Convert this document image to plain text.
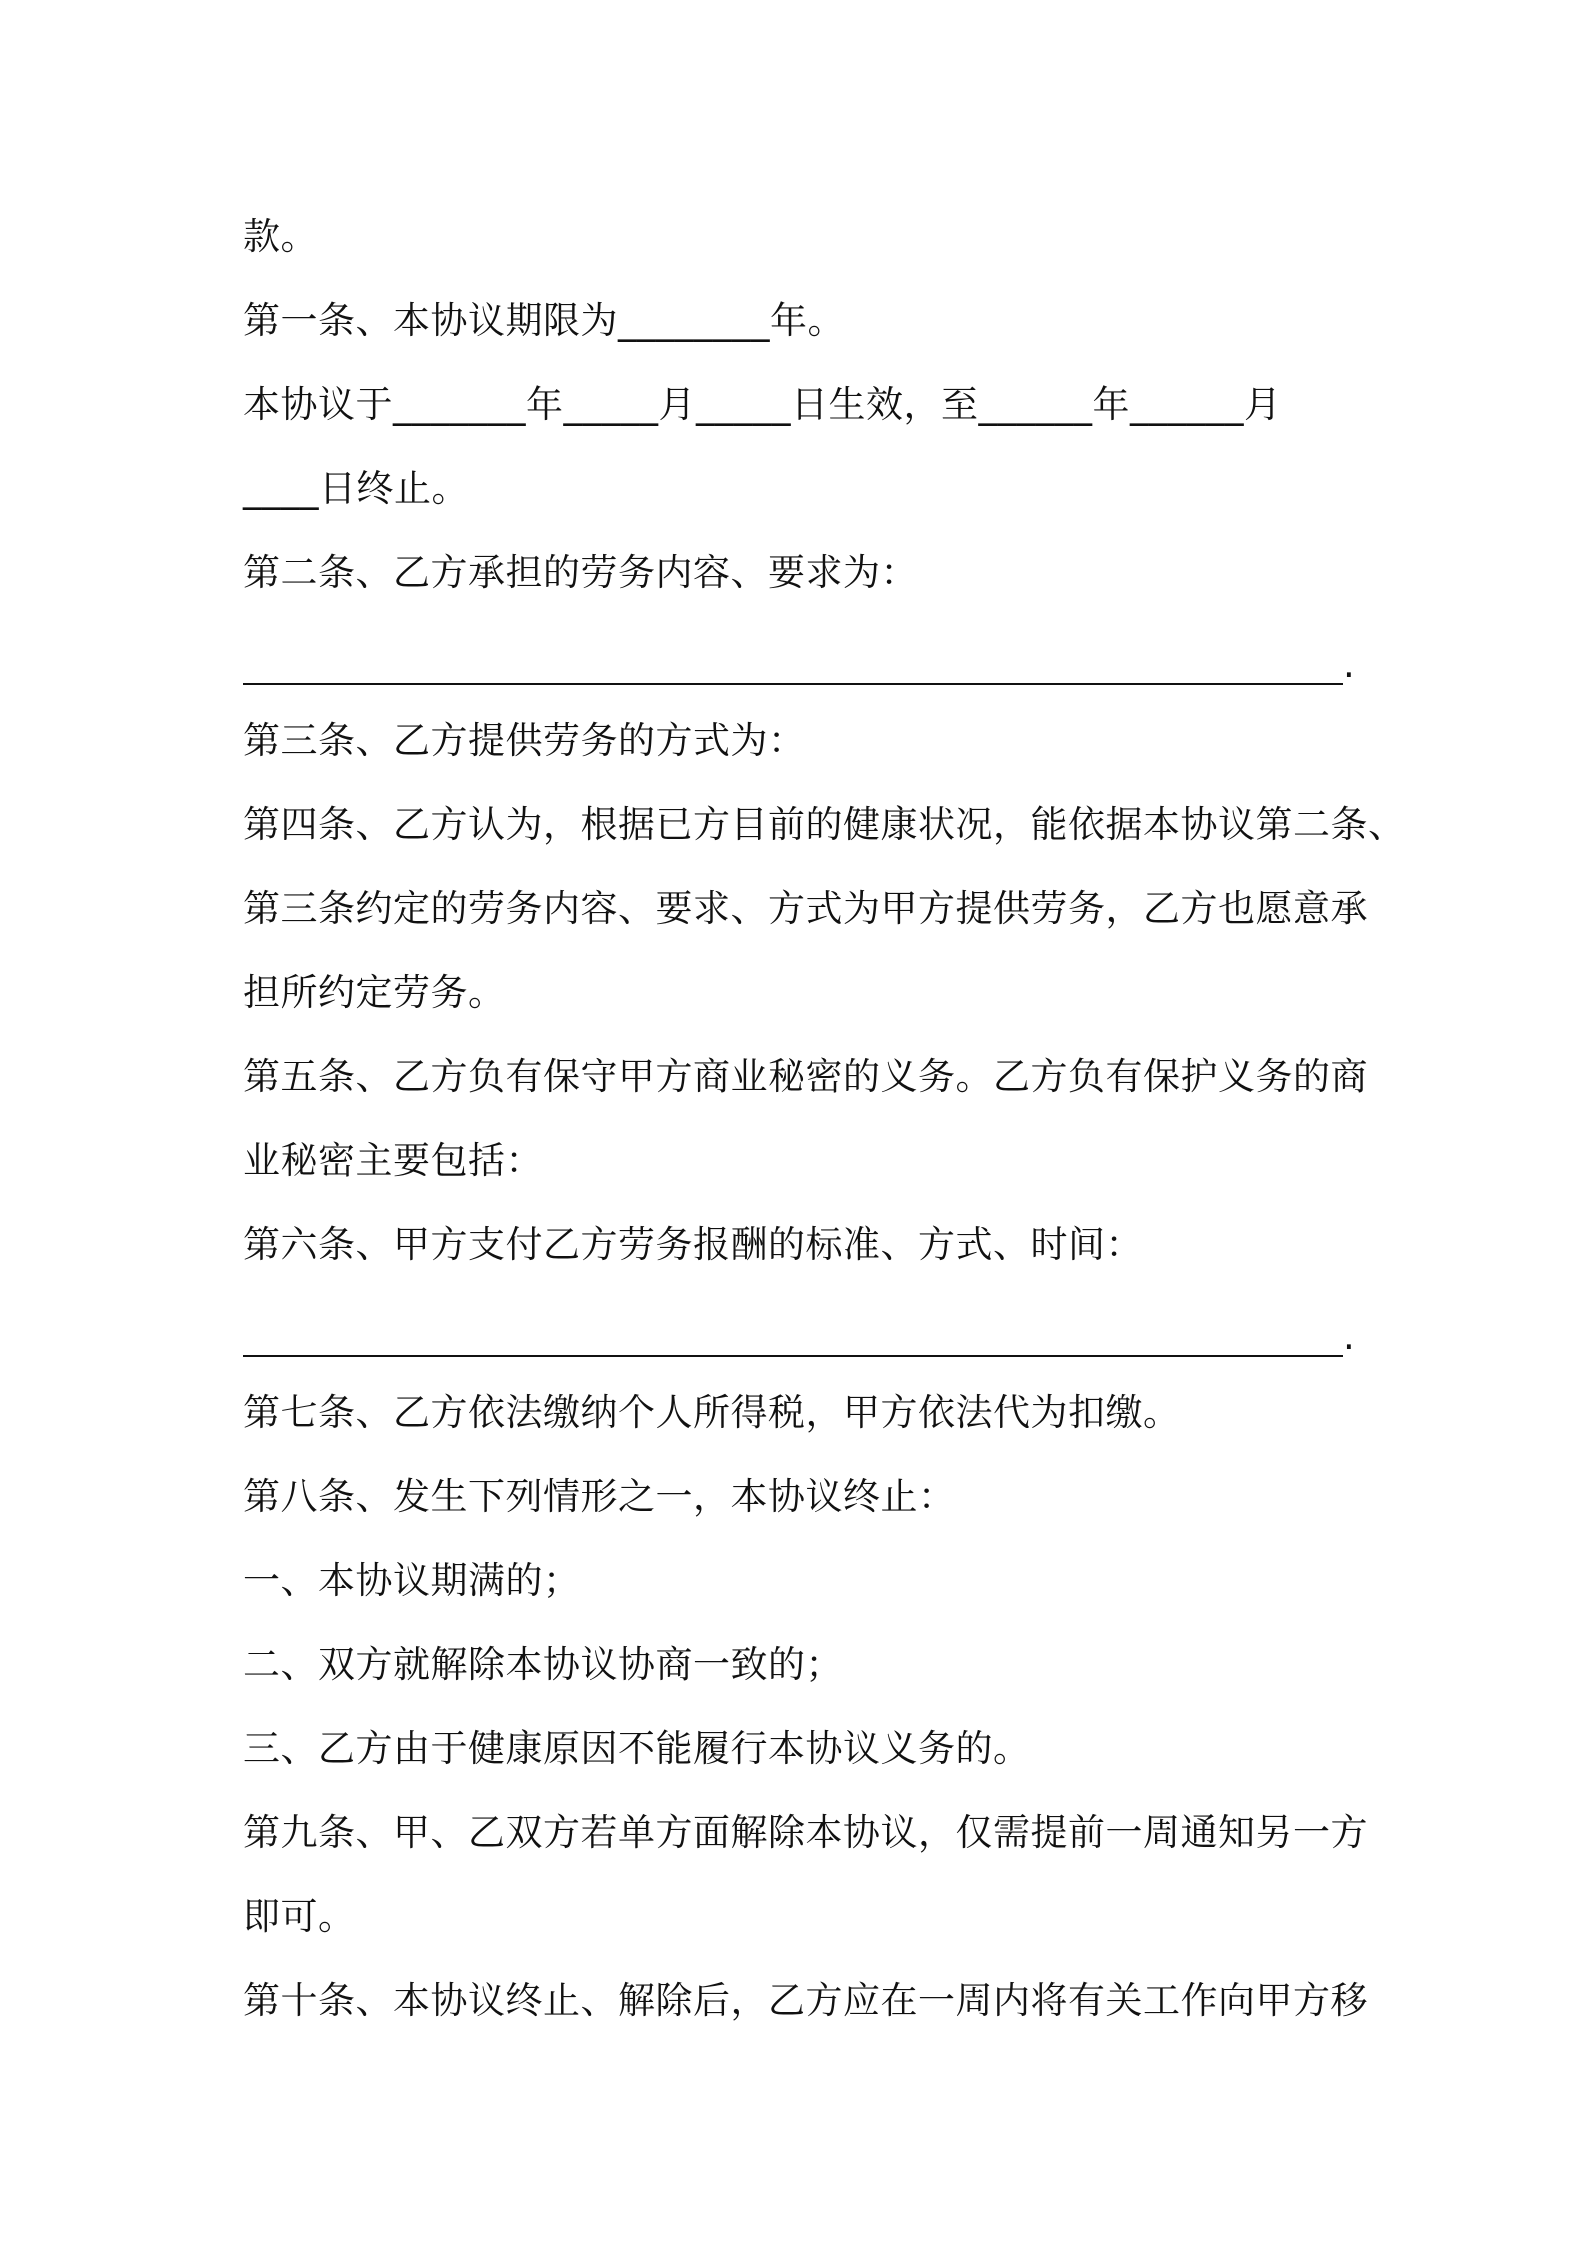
款。
第一条、本协议期限为________年。
本协议于_______年_____月_____日生效，至______年______月
____日终止。
第二条、乙方承担的劳务内容、要求为：
.
第三条、乙方提供劳务的方式为：
第四条、乙方认为，根据已方目前的健康状况，能依据本协议第二条、
第三条约定的劳务内容、要求、方式为甲方提供劳务，乙方也愿意承
担所约定劳务。
第五条、乙方负有保守甲方商业秘密的义务。乙方负有保护义务的商
业秘密主要包括：
第六条、甲方支付乙方劳务报酬的标准、方式、时间：
.
第七条、乙方依法缴纳个人所得税，甲方依法代为扣缴。
第八条、发生下列情形之一，本协议终止：
一、本协议期满的；
二、双方就解除本协议协商一致的；
三、乙方由于健康原因不能履行本协议义务的。
第九条、甲、乙双方若单方面解除本协议，仅需提前一周通知另一方
即可。
第十条、本协议终止、解除后，乙方应在一周内将有关工作向甲方移
